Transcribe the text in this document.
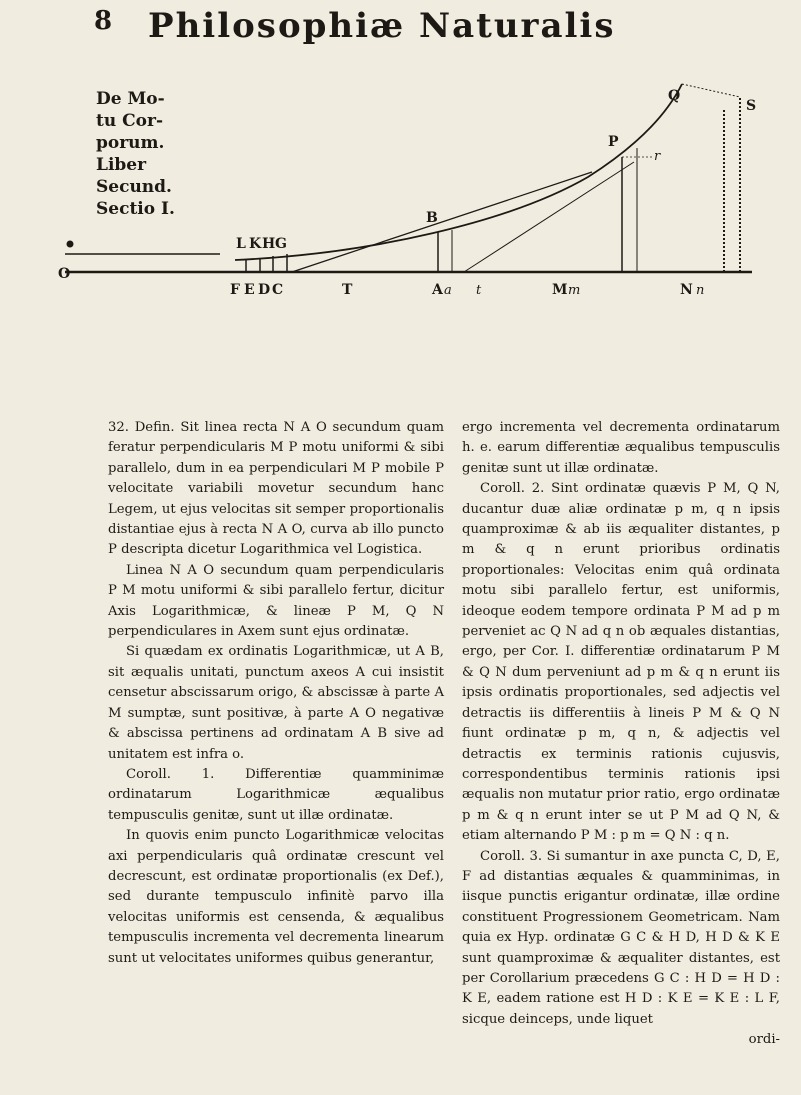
8 Philosophiæ Naturalis
De Mo-
tu Cor-
porum.
Liber
Secund.
Sectio I.
Q
S
P
r
B
L K H G
O
F E D C	T	A a t	M m	N n

32. Defin. Sit linea recta N A O secundum quam feratur perpendicularis M P motu uniformi & sibi parallelo, dum in ea perpendiculari M P mobile P velocitate variabili movetur secundum hanc Legem, ut ejus velocitas sit semper proportionalis distantiae ejus à recta N A O, curva ab illo puncto P descripta dicetur Logarithmica vel Logistica.

Linea N A O secundum quam perpendicularis P M motu uniformi & sibi parallelo fertur, dicitur Axis Logarithmicæ, & lineæ P M, Q N perpendiculares in Axem sunt ejus ordinatæ.

Si quædam ex ordinatis Logarithmicæ, ut A B, sit æqualis unitati, punctum axeos A cui insistit censetur abscissarum origo, & abscissæ à parte A M sumptæ, sunt positivæ, à parte A O negativæ & abscissa pertinens ad ordinatam A B sive ad unitatem est infra o.

Coroll. 1. Differentiæ quamminimæ ordinatarum Logarithmicæ æqualibus tempusculis genitæ, sunt ut illæ ordinatæ.

In quovis enim puncto Logarithmicæ velocitas axi perpendicularis quâ ordinatæ crescunt vel decrescunt, est ordinatæ proportionalis (ex Def.), sed durante tempusculo infinitè parvo illa velocitas uniformis est censenda, & æqualibus tempusculis incrementa vel decrementa linearum sunt ut velocitates uniformes quibus generantur,

ergo incrementa vel decrementa ordinatarum h. e. earum differentiæ æqualibus tempusculis genitæ sunt ut illæ ordinatæ.

Coroll. 2. Sint ordinatæ quævis P M, Q N, ducantur duæ aliæ ordinatæ p m, q n ipsis quamproximæ & ab iis æqualiter distantes, p m & q n erunt prioribus ordinatis proportionales: Velocitas enim quâ ordinata motu sibi parallelo fertur, est uniformis, ideoque eodem tempore ordinata P M ad p m perveniet ac Q N ad q n ob æquales distantias, ergo, per Cor. I. differentiæ ordinatarum P M & Q N dum perveniunt ad p m & q n erunt iis ipsis ordinatis proportionales, sed adjectis vel detractis iis differentiis à lineis P M & Q N fiunt ordinatæ p m, q n, & adjectis vel detractis ex terminis rationis cujusvis, correspondentibus terminis rationis ipsi æqualis non mutatur prior ratio, ergo ordinatæ p m & q n erunt inter se ut P M ad Q N, & etiam alternando P M : p m = Q N : q n.

Coroll. 3. Si sumantur in axe puncta C, D, E, F ad distantias æquales & quamminimas, in iisque punctis erigantur ordinatæ, illæ ordine constituent Progressionem Geometricam. Nam quia ex Hyp. ordinatæ G C & H D, H D & K E sunt quamproximæ & æqualiter distantes, est per Corollarium præcedens G C : H D = H D : K E, eadem ratione est H D : K E = K E : L F, sicque deinceps, unde liquet

ordi-
